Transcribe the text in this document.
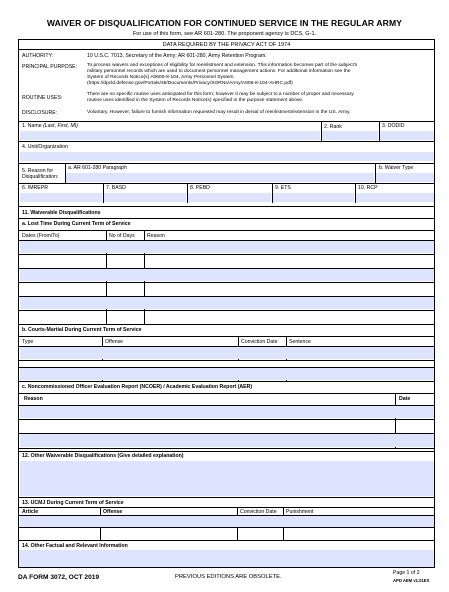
WAIVER OF DISQUALIFICATION FOR CONTINUED SERVICE IN THE REGULAR ARMY
For use of this form, see AR 601-280. The proponent agency is DCS, G-1.
DATA REQUIRED BY THE PRIVACY ACT OF 1974
AUTHORITY:	10 U.S.C. 7013, Secretary of the Army; AR 601-280, Army Retention Program.
PRINCIPAL PURPOSE: To process waivers and exceptions of eligibility for reenlistment and extension. This information becomes part of the subject's
military personnel records which are used to document personnel management actions. For additional information see the
System of Records Notice(s) A0600-8-104, Army Personnel System.
(https://dpcld.defense.gov/Portals/49/Documents/Privacy/SORNs/Army/A006-8-104-AHRC.pdf)
ROUTINE USES:
There are no specific routine uses anticipated for this form; however it may be subject to a number of proper and necessary
routine uses identified in the System of Records Notice(s) specified in the purpose statement above.
DISCLOSURE:	Voluntary. However, failure to furnish information requested may result in denial of reenlistment/extension in the US. Army.
1. Name (Last, First, MI)	2. Rank	3. DODID
4. Unit/Organization
5. Reason for
Disqualification:
a. AR 601-280 Paragraph	b. Waiver Type
6. IMREPR	7. BASD	8. PEBD	9. ETS	10. RCP
11. Waiverable Disqualifications
a. Lost Time During Current Term of Service
Dates (From/To)	No of Days Reason
b. Courts-Martial During Current Term of Service
Type	Offense	Conviction Date Sentence
c. Noncommissioned Officer Evaluation Report (NCOER) / Academic Evaluation Report (AER)
Reason	Date
12. Other Waiverable Disqualifications (Give detailed explanation)
13. UCMJ During Current Term of Service
Article	Offense	Conviction Date Punishment
14. Other Factual and Relevant Information
DA FORM 3072, OCT 2019	PREVIOUS EDITIONS ARE OBSOLETE.
Page 1 of 2
APD AEM v1.01ES
